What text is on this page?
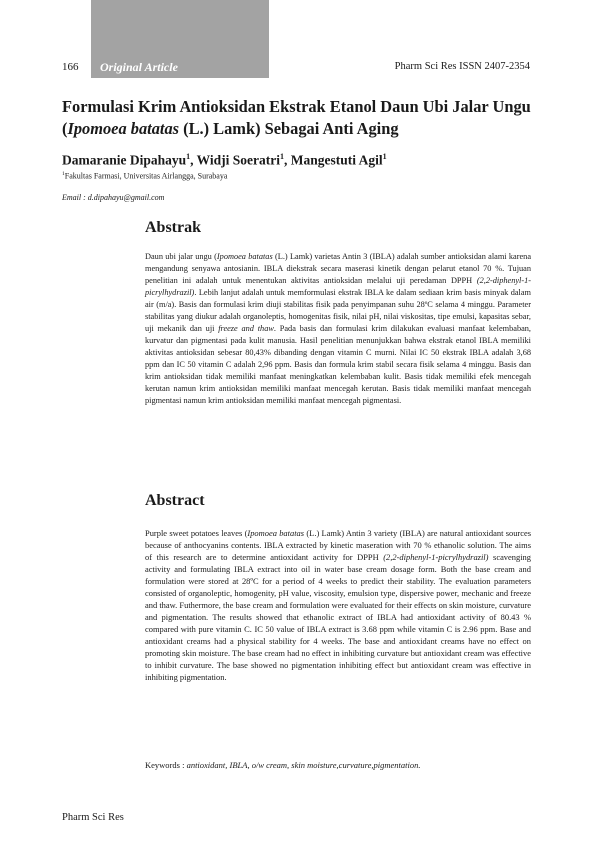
166 Original Article	Pharm Sci Res ISSN 2407-2354
Formulasi Krim Antioksidan Ekstrak Etanol Daun Ubi Jalar Ungu (Ipomoea batatas (L.) Lamk) Sebagai Anti Aging
Damaranie Dipahayu$^1$, Widji Soeratri$^1$, Mangestuti Agil$^1$
$^1$Fakultas Farmasi, Universitas Airlangga, Surabaya
Email : d.dipahayu@gmail.com
Abstrak

Daun ubi jalar ungu (Ipomoea batatas (L.) Lamk) varietas Antin 3 (IBLA) adalah sumber antioksidan alami karena mengandung senyawa antosianin. IBLA diekstrak secara maserasi kinetik dengan pelarut etanol 70 %. Tujuan penelitian ini adalah untuk menentukan aktivitas antioksidan melalui uji peredaman DPPH (2,2-diphenyl-1-picrylhydrazil). Lebih lanjut adalah untuk memformulasi ekstrak IBLA ke dalam sediaan krim basis minyak dalam air (m/a). Basis dan formulasi krim diuji stabilitas fisik pada penyimpanan suhu 28ºC selama 4 minggu. Parameter stabilitas yang diukur adalah organoleptis, homogenitas fisik, nilai pH, nilai viskositas, tipe emulsi, kapasitas sebar, uji mekanik dan uji freeze and thaw. Pada basis dan formulasi krim dilakukan evaluasi manfaat kelembaban, kurvatur dan pigmentasi pada kulit manusia. Hasil penelitian menunjukkan bahwa ekstrak etanol IBLA memiliki aktivitas antioksidan sebesar 80,43% dibanding dengan vitamin C murni. Nilai IC 50 ekstrak IBLA adalah 3,68 ppm dan IC 50 vitamin C adalah 2,96 ppm. Basis dan formula krim stabil secara fisik selama 4 minggu. Basis dan krim antioksidan tidak memiliki manfaat meningkatkan kelembaban kulit. Basis tidak memiliki efek mencegah kerutan namun krim antioksidan memiliki manfaat mencegah kerutan. Basis tidak memiliki manfaat mencegah pigmentasi namun krim antioksidan memiliki manfaat mencegah pigmentasi.

Abstract

Purple sweet potatoes leaves (Ipomoea batatas (L.) Lamk) Antin 3 variety (IBLA) are natural antioxidant sources because of anthocyanins contents. IBLA extracted by kinetic maseration with 70 % ethanolic solution. The aims of this research are to determine antioxidant activity for DPPH (2,2-diphenyl-1-picrylhydrazil) scavenging activity and formulating IBLA extract into oil in water base cream dosage form. Both the base cream and formulation were stored at 28ºC for a period of 4 weeks to predict their stability. The evaluation parameters consisted of organoleptic, homogenity, pH value, viscosity, emulsion type, dispersive power, mechanic and freeze and thaw. Futhermore, the base cream and formulation were evaluated for their effects on skin moisture, curvature and pigmentation. The results showed that ethanolic extract of IBLA had antioxidant activity of 80.43 % compared with pure vitamin C. IC 50 value of IBLA extract is 3.68 ppm while vitamin C is 2.96 ppm. Base and antioxidant creams had a physical stability for 4 weeks. The base and antioxidant creams have no effect on promoting skin moisture. The base cream had no effect in inhibiting curvature but antioxidant cream was effective to inhibit curvature. The base showed no pigmentation inhibiting effect but antioxidant cream was effective in inhibiting pigmentation.

Keywords : antioxidant, IBLA, o/w cream, skin moisture,curvature,pigmentation.
Pharm Sci Res
